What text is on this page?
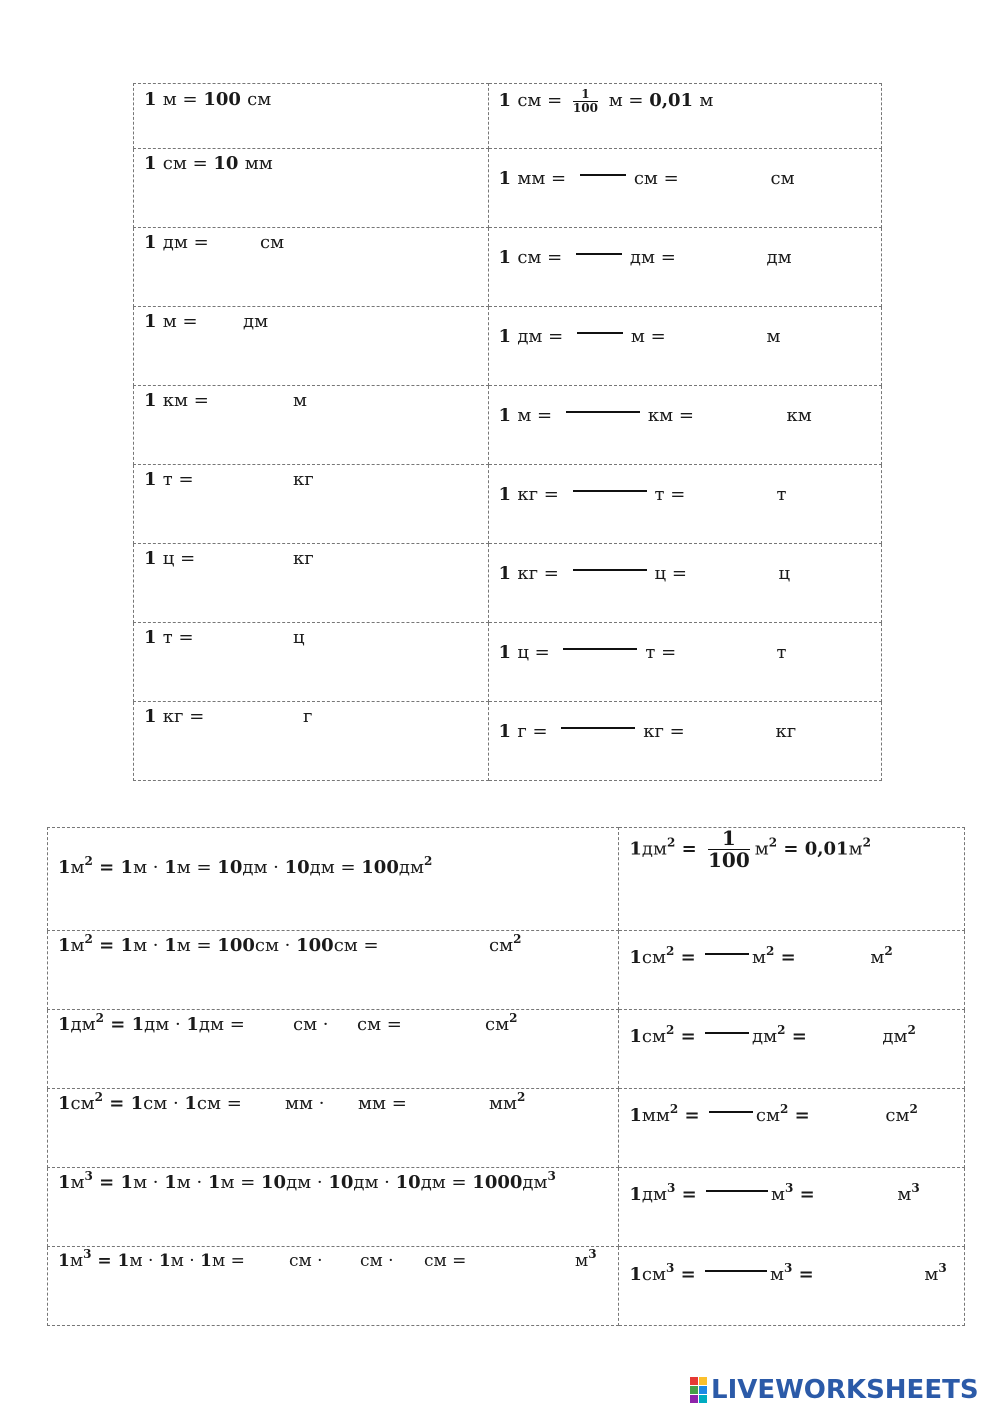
1 м = 100 см	1 см = $\frac{1}{100}$ м = 0,01 м

1 см = 10 мм	1 мм = см = см

1 дм = см	1 см = дм = дм

1 м = дм	1 дм = м = м

1 км = м	1 м = км = км

1 т = кг	1 кг = т = т

1 ц = кг	1 кг = ц = ц

1 т = ц	1 ц = т = т

1 кг = г	1 г = кг = кг
$1м^2 = 1м \cdot 1м = 10дм \cdot 10дм = 100дм^2$	$1дм^2 = \frac{1}{100} м^2 = 0,01м^2$

$1м^2 = 1м \cdot 1м = 100см \cdot 100см = см^2$	$1см^2 = м^2 = м^2$

$1дм^2 = 1дм \cdot 1дм$ = см · см = $см^2$	$1см^2 = дм^2 = дм^2$

$1см^2 = 1см \cdot 1см$ = мм · мм = $мм^2$	$1мм^2 = см^2 = см^2$

$1м^3 = 1м \cdot 1м \cdot 1м = 10дм \cdot 10дм \cdot 10дм = 1000дм^3$	$1дм^3 = м^3 = м^3$

$1м^3 = 1м \cdot 1м \cdot 1м$ = см · см · см = $м^3$	$1см^3 = м^3 = м^3$
LIVEWORKSHEETS
